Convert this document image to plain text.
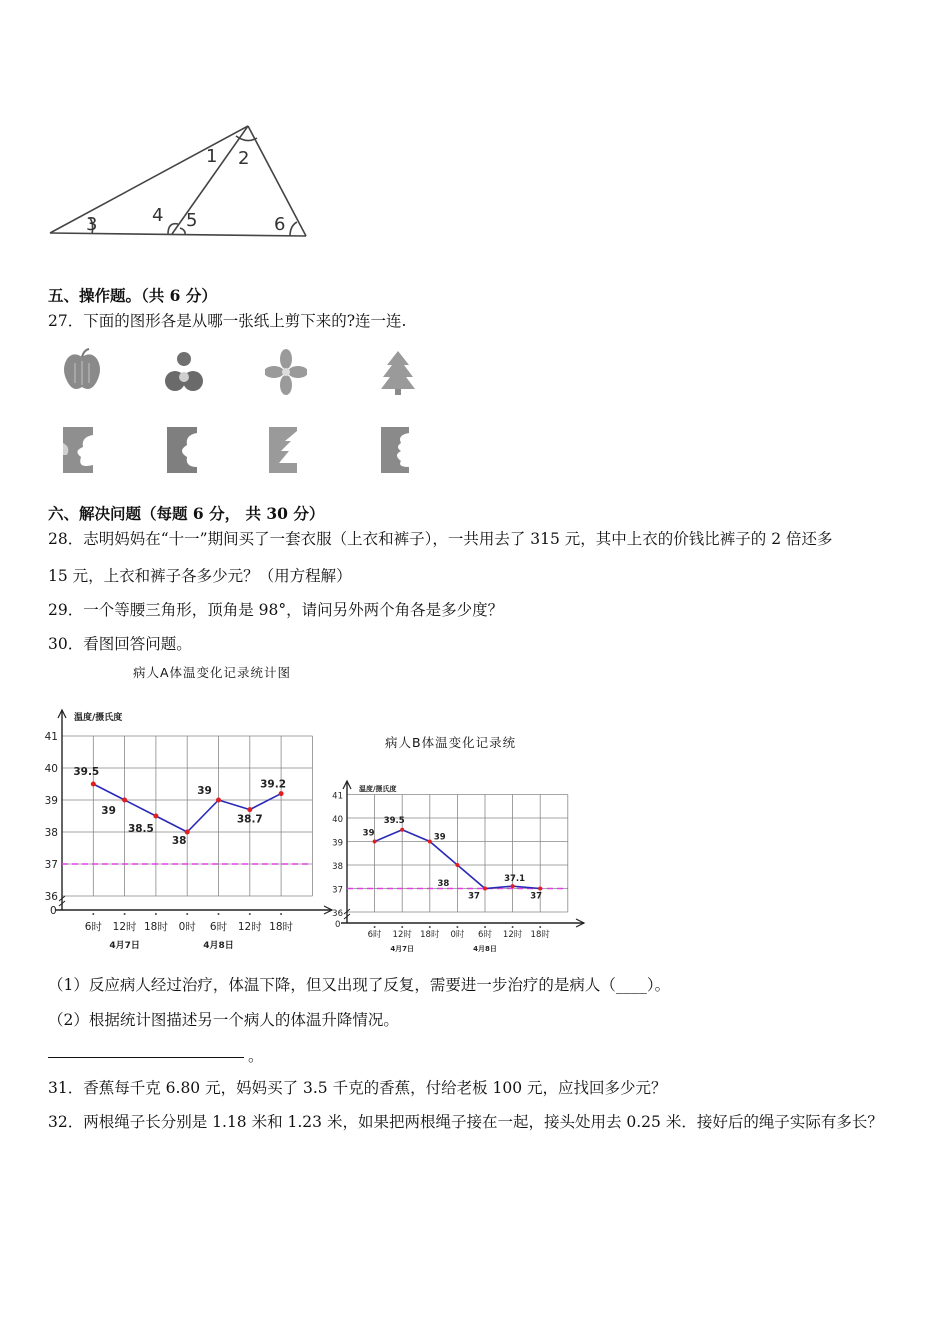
1 2
3	4 5	6
五、操作题。（共 6 分）
27．下面的图形各是从哪一张纸上剪下来的?连一连.
六、解决问题（每题 6 分， 共 30 分）
28．志明妈妈在“十一”期间买了一套衣服（上衣和裤子），一共用去了 315 元，其中上衣的价钱比裤子的 2 倍还多
15 元，上衣和裤子各多少元？（用方程解）
29．一个等腰三角形，顶角是 98°，请问另外两个角各是多少度？
30．看图回答问题。
病人A体温变化记录统计图
36
37
38
39
40
41
0
温度/摄氏度
6时 12时 18时 0时 6时 12时 18时
4月7日	4月8日
39.5
39
38.5
38
39
38.7
39.2
病人B体温变化记录统
36
37
38
39
40
41
0
温度/摄氏度
6时 12时 18时 0时 6时 12时 18时
4月7日	4月8日
39
39.5
39
38
37
37.1
37
（1）反应病人经过治疗，体温下降，但又出现了反复，需要进一步治疗的是病人（____）。
（2）根据统计图描述另一个病人的体温升降情况。
。
31．香蕉每千克 6.80 元，妈妈买了 3.5 千克的香蕉，付给老板 100 元，应找回多少元？
32．两根绳子长分别是 1.18 米和 1.23 米，如果把两根绳子接在一起，接头处用去 0.25 米．接好后的绳子实际有多长？
